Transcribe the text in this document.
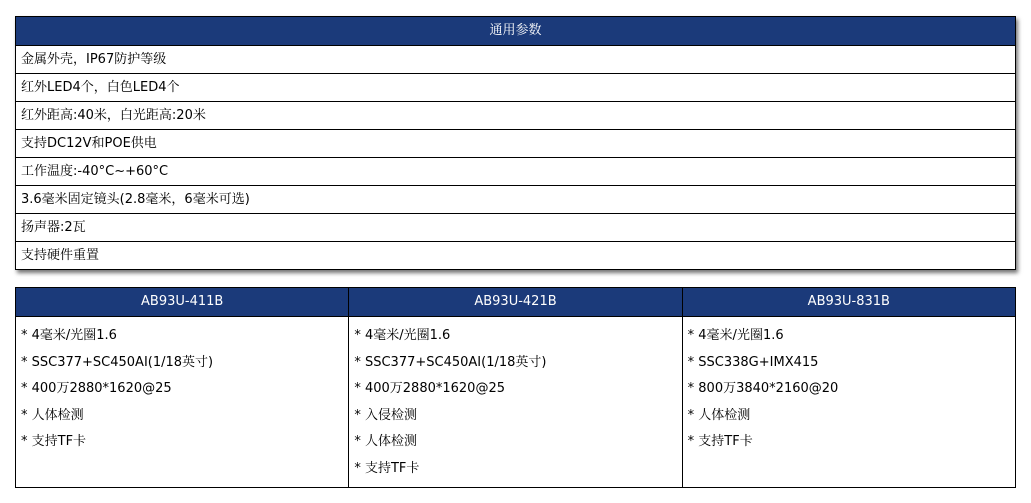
通用参数
金属外壳，IP67防护等级
红外LED4个，白色LED4个
红外距高:40米，白光距高:20米
支持DC12V和POE供电
工作温度:-40°C~+60°C
3.6毫米固定镜头(2.8毫米，6毫米可选)
扬声器:2瓦
支持硬件重置
AB93U-411B
* 4毫米/光圈1.6
* SSC377+SC450AI(1/18英寸)
* 400万2880*1620@25
* 人体检测
* 支持TF卡
AB93U-421B
* 4毫米/光圈1.6
* SSC377+SC450AI(1/18英寸)
* 400万2880*1620@25
* 入侵检测
* 人体检测
* 支持TF卡
AB93U-831B
* 4毫米/光圈1.6
* SSC338G+IMX415
* 800万3840*2160@20
* 人体检测
* 支持TF卡
